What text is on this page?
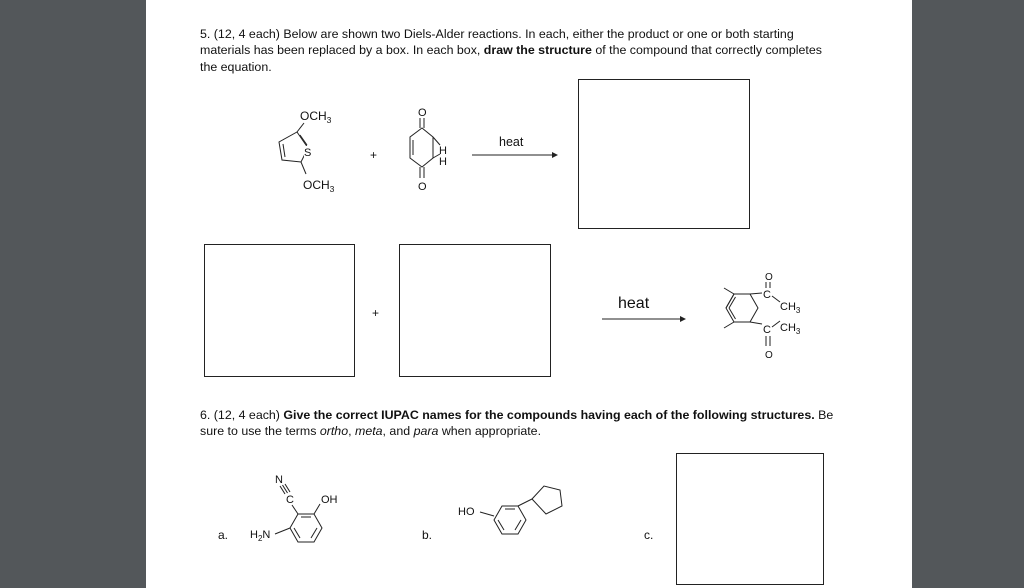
5. (12, 4 each) Below are shown two Diels-Alder reactions. In each, either the product or one or both starting materials has been replaced by a box. In each box, draw the structure of the compound that correctly completes the equation.

$OCH_3$
S
$OCH_3$
+
O
H
H
O
heat
+
heat
O
C
$CH_3$
$CH_3$
C
O

6. (12, 4 each) Give the correct IUPAC names for the compounds having each of the following structures. Be sure to use the terms ortho, meta, and para when appropriate.

a.
N
C OH
$H_2N$	b.
HO
c.
